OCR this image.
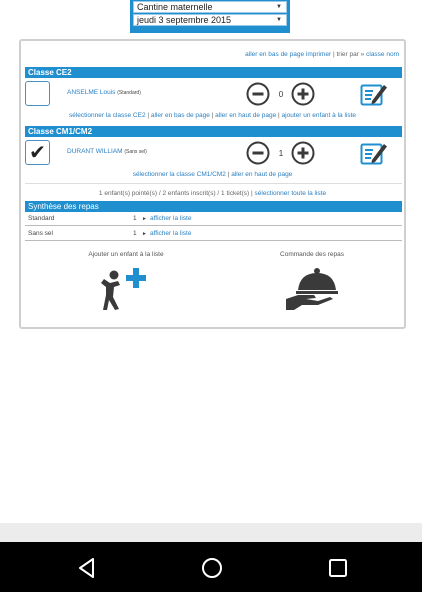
Cantine maternelle	▼
jeudi 3 septembre 2015	▼
aller en bas de page imprimer | trier par » classe nom
Classe CE2
ANSELME Louis (Standard)	0
sélectionner la classe CE2 | aller en bas de page | aller en haut de page | ajouter un enfant à la liste
Classe CM1/CM2
✔	DURANT WILLIAM (Sans sel)	1
sélectionner la classe CM1/CM2 | aller en haut de page
1 enfant(s) pointé(s) / 2 enfants inscrit(s) / 1 ticket(s) | sélectionner toute la liste
Synthèse des repas
Standard	1 ► afficher la liste
Sans sel	1 ► afficher la liste
Ajouter un enfant à la liste	Commande des repas
